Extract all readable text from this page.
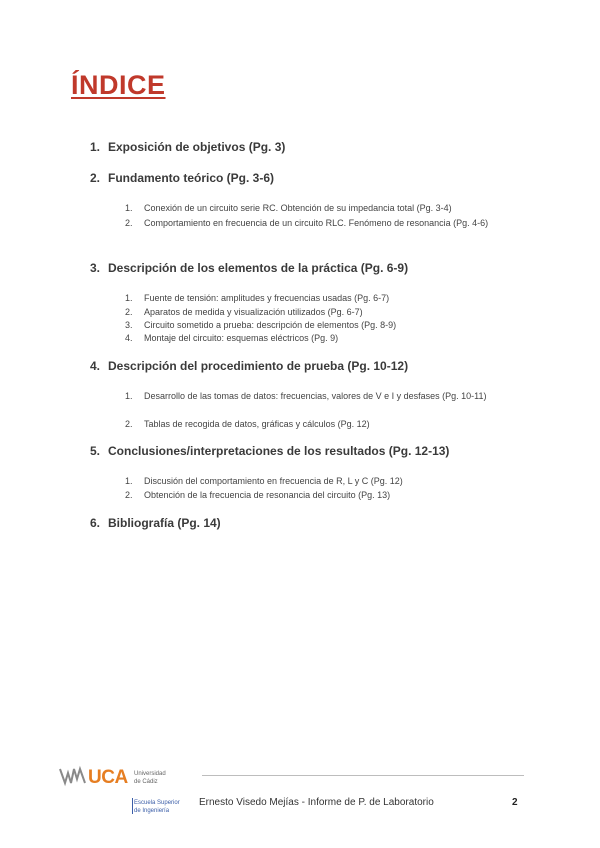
ÍNDICE
1. Exposición de objetivos (Pg. 3)
2. Fundamento teórico (Pg. 3-6)
1.	Conexión de un circuito serie RC. Obtención de su impedancia total (Pg. 3-4)
2.	Comportamiento en frecuencia de un circuito RLC. Fenómeno de resonancia (Pg. 4-6)
3. Descripción de los elementos de la práctica (Pg. 6-9)
1.	Fuente de tensión: amplitudes y frecuencias usadas (Pg. 6-7)
2.	Aparatos de medida y visualización utilizados (Pg. 6-7)
3.	Circuito sometido a prueba: descripción de elementos (Pg. 8-9)
4.	Montaje del circuito: esquemas eléctricos (Pg. 9)
4. Descripción del procedimiento de prueba (Pg. 10-12)
1.	Desarrollo de las tomas de datos: frecuencias, valores de V e I y desfases (Pg. 10-11)
2.	Tablas de recogida de datos, gráficas y cálculos (Pg. 12)
5. Conclusiones/interpretaciones de los resultados (Pg. 12-13)
1.	Discusión del comportamiento en frecuencia de R, L y C (Pg. 12)
2.	Obtención de la frecuencia de resonancia del circuito (Pg. 13)
6. Bibliografía (Pg. 14)
UCA Universidad
de Cádiz
Escuela Superior
de Ingeniería
Ernesto Visedo Mejías - Informe de P. de Laboratorio	2
